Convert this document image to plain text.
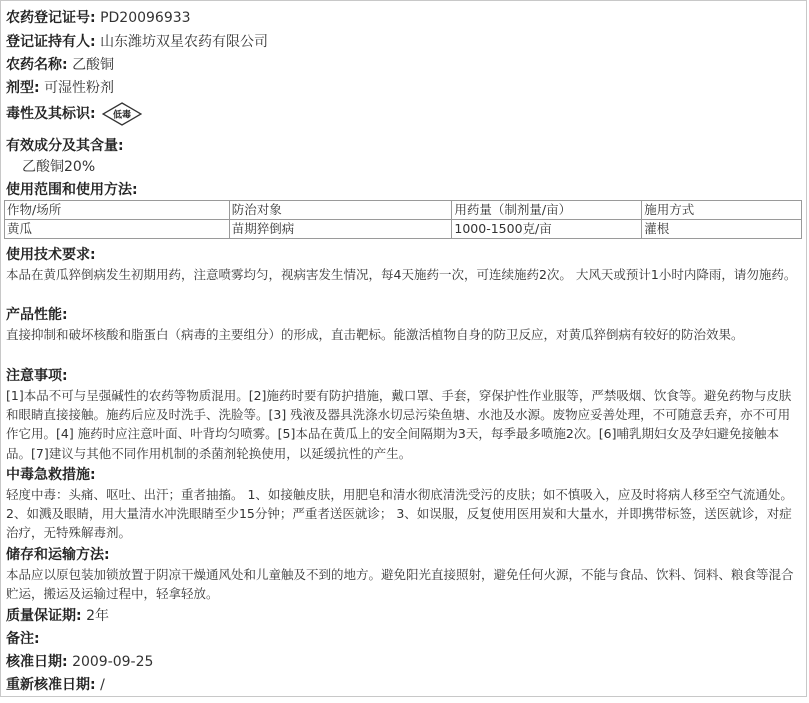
农药登记证号: PD20096933
登记证持有人: 山东潍坊双星农药有限公司
农药名称: 乙酸铜
剂型: 可湿性粉剂
毒性及其标识: 低毒
有效成分及其含量:
乙酸铜20%
使用范围和使用方法:
作物/场所	防治对象	用药量（制剂量/亩）	施用方式
黄瓜	苗期猝倒病	1000-1500克/亩	灌根
使用技术要求:
本品在黄瓜猝倒病发生初期用药，注意喷雾均匀，视病害发生情况，每4天施药一次，可连续施药2次。 大风天或预计1小时内降雨，请勿施药。
产品性能:
直接抑制和破坏核酸和脂蛋白（病毒的主要组分）的形成，直击靶标。能激活植物自身的防卫反应，对黄瓜猝倒病有较好的防治效果。
注意事项:
[1]本品不可与呈强碱性的农药等物质混用。[2]施药时要有防护措施，戴口罩、手套，穿保护性作业服等，严禁吸烟、饮食等。避免药物与皮肤和眼睛直接接触。施药后应及时洗手、洗脸等。[3] 残液及器具洗涤水切忌污染鱼塘、水池及水源。废物应妥善处理，不可随意丢弃，亦不可用作它用。[4] 施药时应注意叶面、叶背均匀喷雾。[5]本品在黄瓜上的安全间隔期为3天，每季最多喷施2次。[6]哺乳期妇女及孕妇避免接触本品。[7]建议与其他不同作用机制的杀菌剂轮换使用，以延缓抗性的产生。
中毒急救措施:
轻度中毒：头痛、呕吐、出汗；重者抽搐。 1、如接触皮肤，用肥皂和清水彻底清洗受污的皮肤；如不慎吸入，应及时将病人移至空气流通处。 2、如溅及眼睛，用大量清水冲洗眼睛至少15分钟；严重者送医就诊； 3、如误服，反复使用医用炭和大量水，并即携带标签，送医就诊，对症治疗，无特殊解毒剂。
储存和运输方法:
本品应以原包装加锁放置于阴凉干燥通风处和儿童触及不到的地方。避免阳光直接照射，避免任何火源，不能与食品、饮料、饲料、粮食等混合贮运，搬运及运输过程中，轻拿轻放。
质量保证期: 2年
备注:
核准日期: 2009-09-25
重新核准日期: /
